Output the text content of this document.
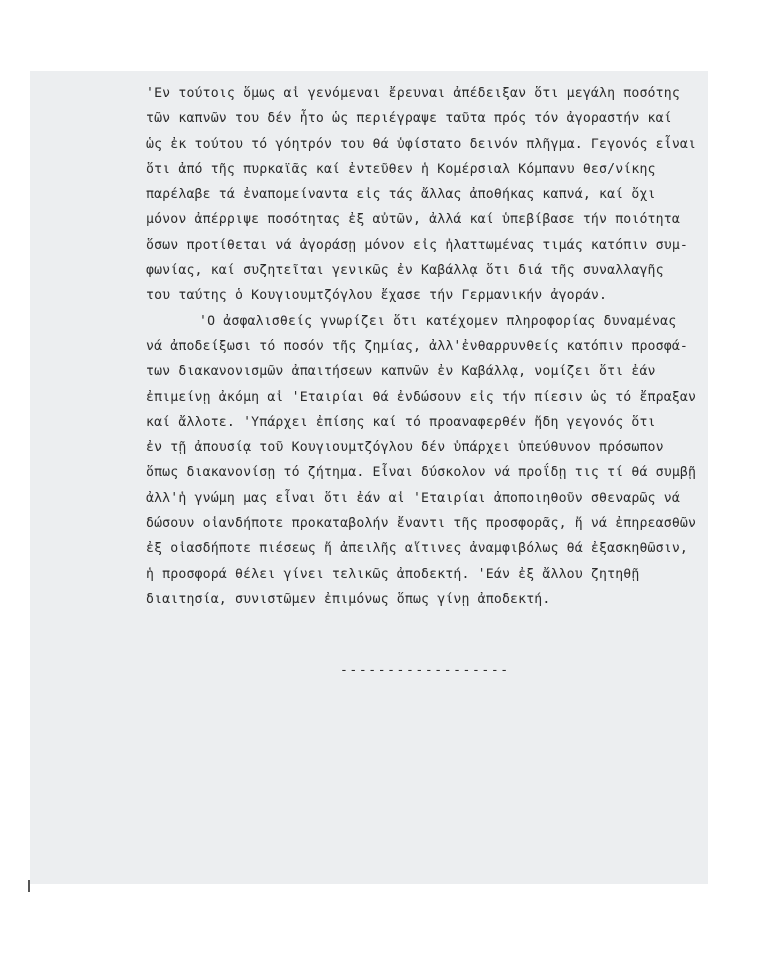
'Εν τούτοις ὅμως αἱ γενόμεναι ἔρευναι ἀπέδειξαν ὅτι μεγάλη ποσότης
τῶν καπνῶν του δέν ἦτο ὡς περιέγραψε ταῦτα πρός τόν ἀγοραστήν καί
ὡς ἐκ τούτου τό γόητρόν του θά ὑφίστατο δεινόν πλῆγμα. Γεγονός εἶναι
ὅτι ἀπό τῆς πυρκαϊᾶς καί ἐντεῦθεν ἡ Κομέρσιαλ Κόμπανυ θεσ/νίκης
παρέλαβε τά ἐναπομείναντα εἰς τάς ἄλλας ἀποθήκας καπνά, καί ὄχι
μόνον ἀπέρριψε ποσότητας ἐξ αὐτῶν, ἀλλά καί ὑπεβίβασε τήν ποιότητα
ὅσων προτίθεται νά ἀγοράσῃ μόνον εἰς ἠλαττωμένας τιμάς κατόπιν συμ-
φωνίας, καί συζητεῖται γενικῶς ἐν Καβάλλᾳ ὅτι διά τῆς συναλλαγῆς
του ταύτης ὁ Κουγιουμτζόγλου ἔχασε τήν Γερμανικήν ἀγοράν.
'Ο ἀσφαλισθείς γνωρίζει ὅτι κατέχομεν πληροφορίας δυναμένας
νά ἀποδείξωσι τό ποσόν τῆς ζημίας, ἀλλ'ἐνθαρρυνθείς κατόπιν προσφά-
των διακανονισμῶν ἀπαιτήσεων καπνῶν ἐν Καβάλλᾳ, νομίζει ὅτι ἐάν
ἐπιμείνῃ ἀκόμη αἱ 'Εταιρίαι θά ἐνδώσουν εἰς τήν πίεσιν ὡς τό ἔπραξαν
καί ἄλλοτε. 'Υπάρχει ἐπίσης καί τό προαναφερθέν ἤδη γεγονός ὅτι
ἐν τῇ ἀπουσίᾳ τοῦ Κουγιουμτζόγλου δέν ὑπάρχει ὑπεύθυνον πρόσωπον
ὅπως διακανονίσῃ τό ζήτημα. Εἶναι δύσκολον νά προΐδῃ τις τί θά συμβῇ
ἀλλ'ἡ γνώμη μας εἶναι ὅτι ἐάν αἱ 'Εταιρίαι ἀποποιηθοῦν σθεναρῶς νά
δώσουν οἱανδήποτε προκαταβολήν ἔναντι τῆς προσφορᾶς, ἤ νά ἐπηρεασθῶν
ἐξ οἱασδήποτε πιέσεως ἤ ἀπειλῆς αἵτινες ἀναμφιβόλως θά ἐξασκηθῶσιν,
ἡ προσφορά θέλει γίνει τελικῶς ἀποδεκτή. 'Εάν ἐξ ἄλλου ζητηθῇ
διαιτησία, συνιστῶμεν ἐπιμόνως ὅπως γίνῃ ἀποδεκτή.
------------------
